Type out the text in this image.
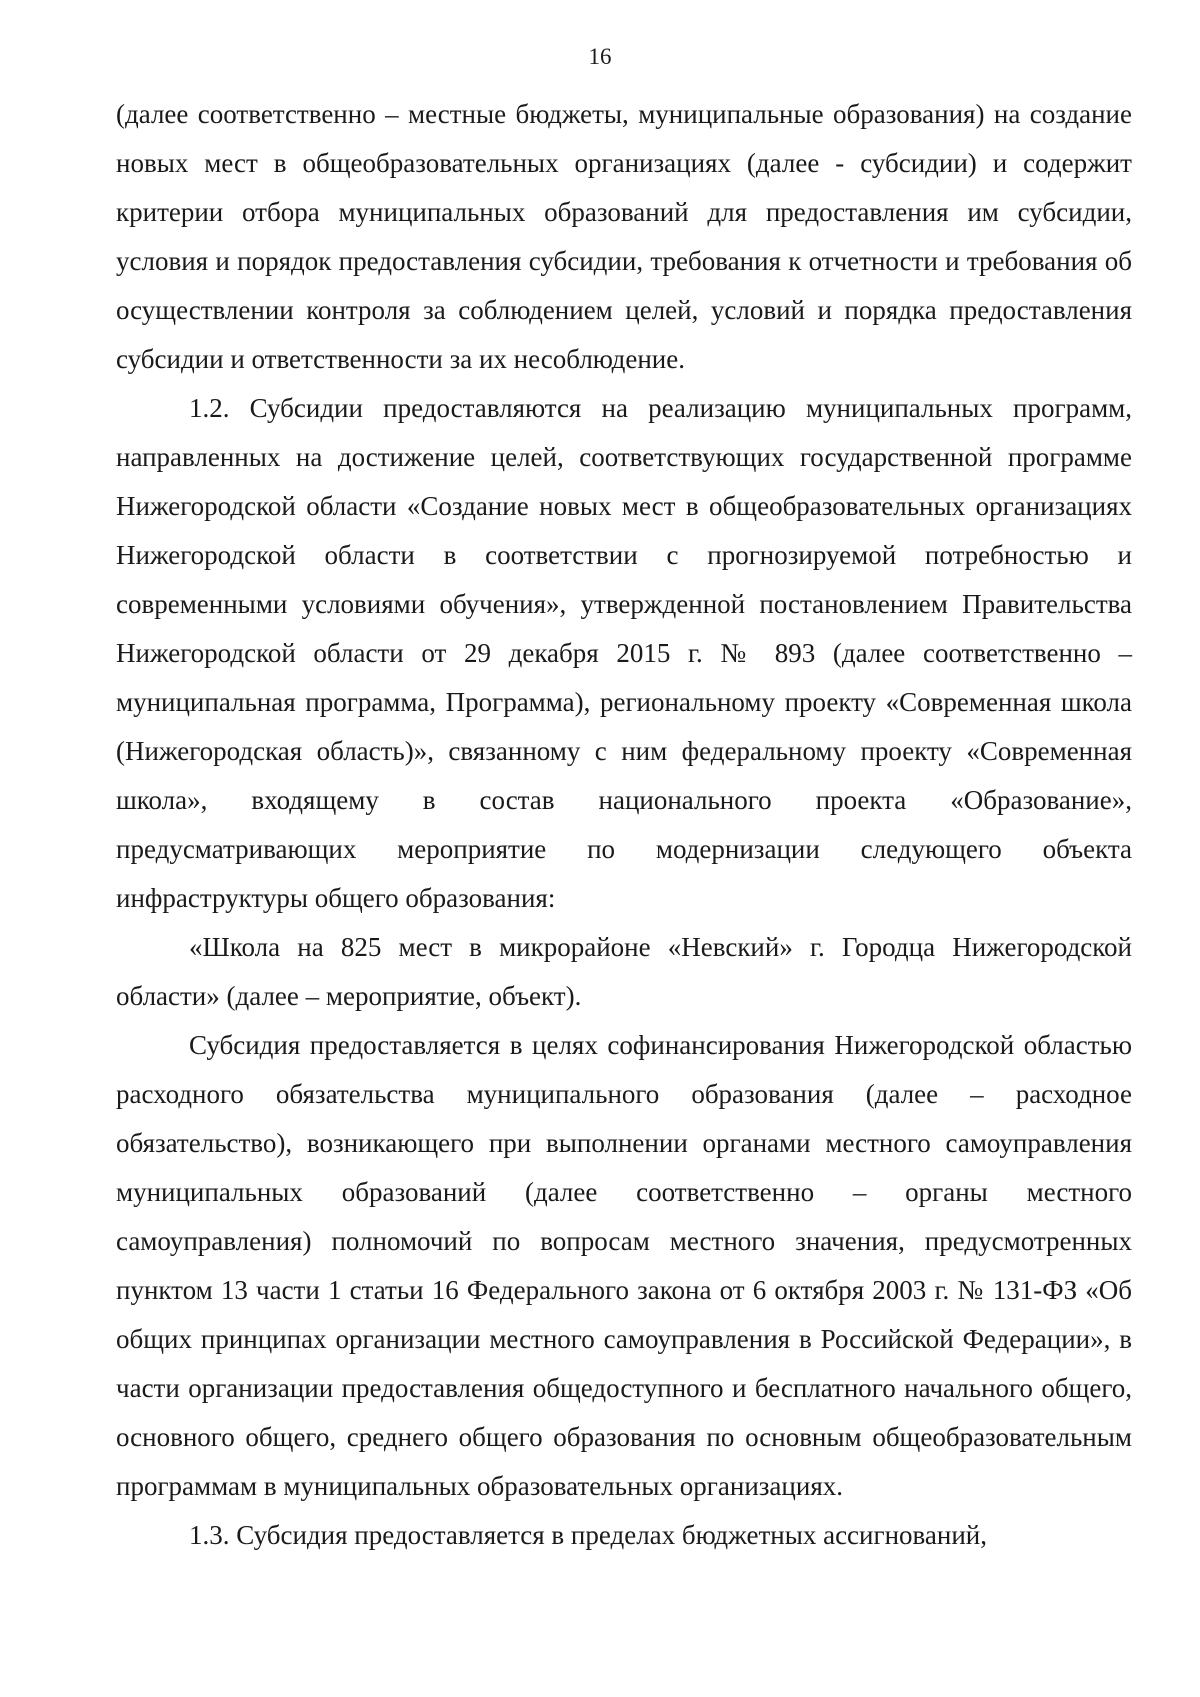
16

(далее соответственно – местные бюджеты, муниципальные образования) на создание новых мест в общеобразовательных организациях (далее - субсидии) и содержит критерии отбора муниципальных образований для предоставления им субсидии, условия и порядок предоставления субсидии, требования к отчетности и требования об осуществлении контроля за соблюдением целей, условий и порядка предоставления субсидии и ответственности за их несоблюдение.

1.2. Субсидии предоставляются на реализацию муниципальных программ, направленных на достижение целей, соответствующих государственной программе Нижегородской области «Создание новых мест в общеобразовательных организациях Нижегородской области в соответствии с прогнозируемой потребностью и современными условиями обучения», утвержденной постановлением Правительства Нижегородской области от 29 декабря 2015 г. № 893 (далее соответственно – муниципальная программа, Программа), региональному проекту «Современная школа (Нижегородская область)», связанному с ним федеральному проекту «Современная школа», входящему в состав национального проекта «Образование», предусматривающих мероприятие по модернизации следующего объекта инфраструктуры общего образования:

«Школа на 825 мест в микрорайоне «Невский» г. Городца Нижегородской области» (далее – мероприятие, объект).

Субсидия предоставляется в целях софинансирования Нижегородской областью расходного обязательства муниципального образования (далее – расходное обязательство), возникающего при выполнении органами местного самоуправления муниципальных образований (далее соответственно – органы местного самоуправления) полномочий по вопросам местного значения, предусмотренных пунктом 13 части 1 статьи 16 Федерального закона от 6 октября 2003 г. № 131-ФЗ «Об общих принципах организации местного самоуправления в Российской Федерации», в части организации предоставления общедоступного и бесплатного начального общего, основного общего, среднего общего образования по основным общеобразовательным программам в муниципальных образовательных организациях.

1.3. Субсидия предоставляется в пределах бюджетных ассигнований,
